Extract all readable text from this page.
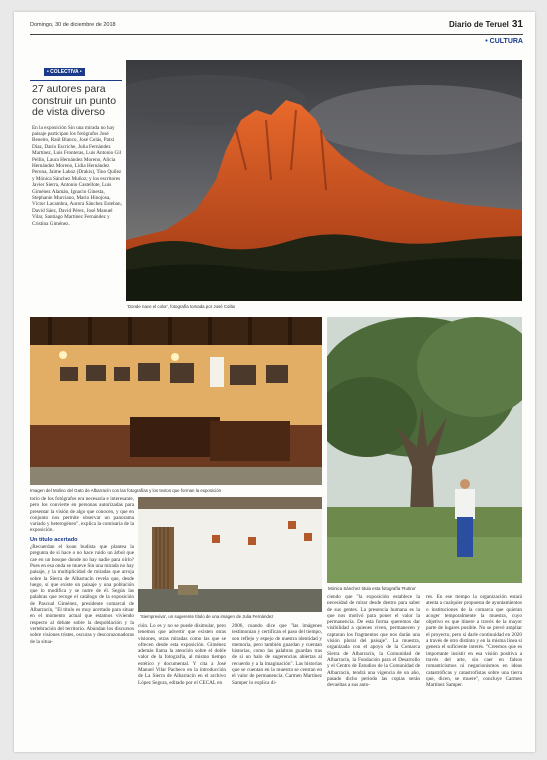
Domingo, 30 de diciembre de 2018	Diario de Teruel 31
• CULTURA
• COLECTIVA •
27 autores para construir un punto de vista diverso
En la exposición Sin una mirada no hay paisaje participan los fotógrafos José Beneito, Raúl Blanco, José Colás, Patxi Díaz, Darío Escriche, Julia Fernández Martínez, Luis Fronteras, Luis Antonio Gil Pellín, Laura Hernández Moreno, Alicia Hernández Moreno, Lidia Hernández Perona, Jaime Lahoz (Drakis), Tino Quílez y Mónica Sánchez Muñoz; y los escritores Javier Sierra, Antonio Castellote, Luis Giménez Alamán, Ignacio Ginesta, Stephanie Murciano, Mario Hinojosa, Víctor Lacambra, Aurora Sánchez Esteban, David Sáez, David Pérez, José Manuel Vilar, Santiago Martínez Fernández y Cristina Giménez.
'Donde nace el color', fotografía tomada por José Colás
Imagen del Molino del Gato de Albarracín con las fotografías y los textos que forman la exposición
Mónica Sánchez titula esta fotografía 'Rutina'

torio de los fotógrafos era necesaria e interesante, pero los convierte en personas autorizadas para presentar la visión de algo que conocen, y que en conjunto nos permite observar un panorama variado y heterogéneo", explica la comisaria de la exposición.

Un título acertado

¿Recuerdan el koan budista que plantea la pregunta de si hace o no hace ruido un árbol que cae en un bosque donde no hay nadie para oírlo? Pues en esa onda se mueve Sin una mirada no hay paisaje, y la multiplicidad de miradas que arroja sobre la Sierra de Albarracín revela que, desde luego, sí que existe un paisaje y una población que lo modifica y se nutre de él. Según las palabras que recoge el catálogo de la exposición de Pascual Giménez, presidente comarcal de Albarracín, "El título es muy acertado para situar en el momento actual que estamos viviendo respecto al debate sobre la despoblación y la vertebración del territorio. Abundan los discursos sobre visiones tristes, oscuras y descorazonadoras de la situa-

'Siempreviva', un sugerente título de una imagen de Julia Fernández

ción. Lo es y no se puede disimular, pero tenemos que advertir que existen otras visiones, otras miradas como las que se ofrecen desde esta exposición. Giménez además llama la atención sobre el doble valor de la fotografía, al mismo tiempo estético y documental. Y cita a José Manuel Vilar Pacheco en la introducción de La Sierra de Albarracín en el archivo López Segura, editado por el CECAL en

2006, cuando dice que "las imágenes testimonian y certifican el paso del tiempo, son reflejo y espejo de nuestra identidad y memoria, pero también guardan y cuentan historias, como las palabras guardan tras de sí un halo de sugerencias abiertas al recuerdo y a la imaginación". Las historias que se cuentan en la muestra se centran en el valor de permanencia. Carmen Martínez Samper lo explica di-

ciendo que "la exposición establece la necesidad de mirar desde dentro para saber de sus gentes. La presencia humana es la que nos motivó para poner el valor la permanencia. De esta forma queremos dar visibilidad a quienes viven, permanecen y capturan los fragmentos que nos darán una visión plural del paisaje". La muestra, organizada con el apoyo de la Comarca Sierra de Albarracín, la Comunidad de Albarracín, la Fundación para el Desarrollo y el Centro de Estudios de la Comunidad de Albarracín, tendrá una vigencia de un año, pasado dicho periodo las copias serán devueltas a sus auto-

res. En ese tiempo la organización estará atenta a cualquier propuesta de ayuntamientos o instituciones de la comarca que quieran acoger temporalmente la muestra, cuyo objetivo es que itinere a través de la mayor parte de lugares posible. No se prevé ampliar el proyecto, pero sí darle continuidad en 2020 a través de otro distinto y en la misma línea si genera el suficiente interés. "Creemos que es importante insistir en esa visión positiva a través del arte, sin caer en falsos romanticismos ni negacionismos en ideas catastróficas y catastrofistas sobre una tierra que, dicen, se muere", concluye Carmen Martínez Samper.
